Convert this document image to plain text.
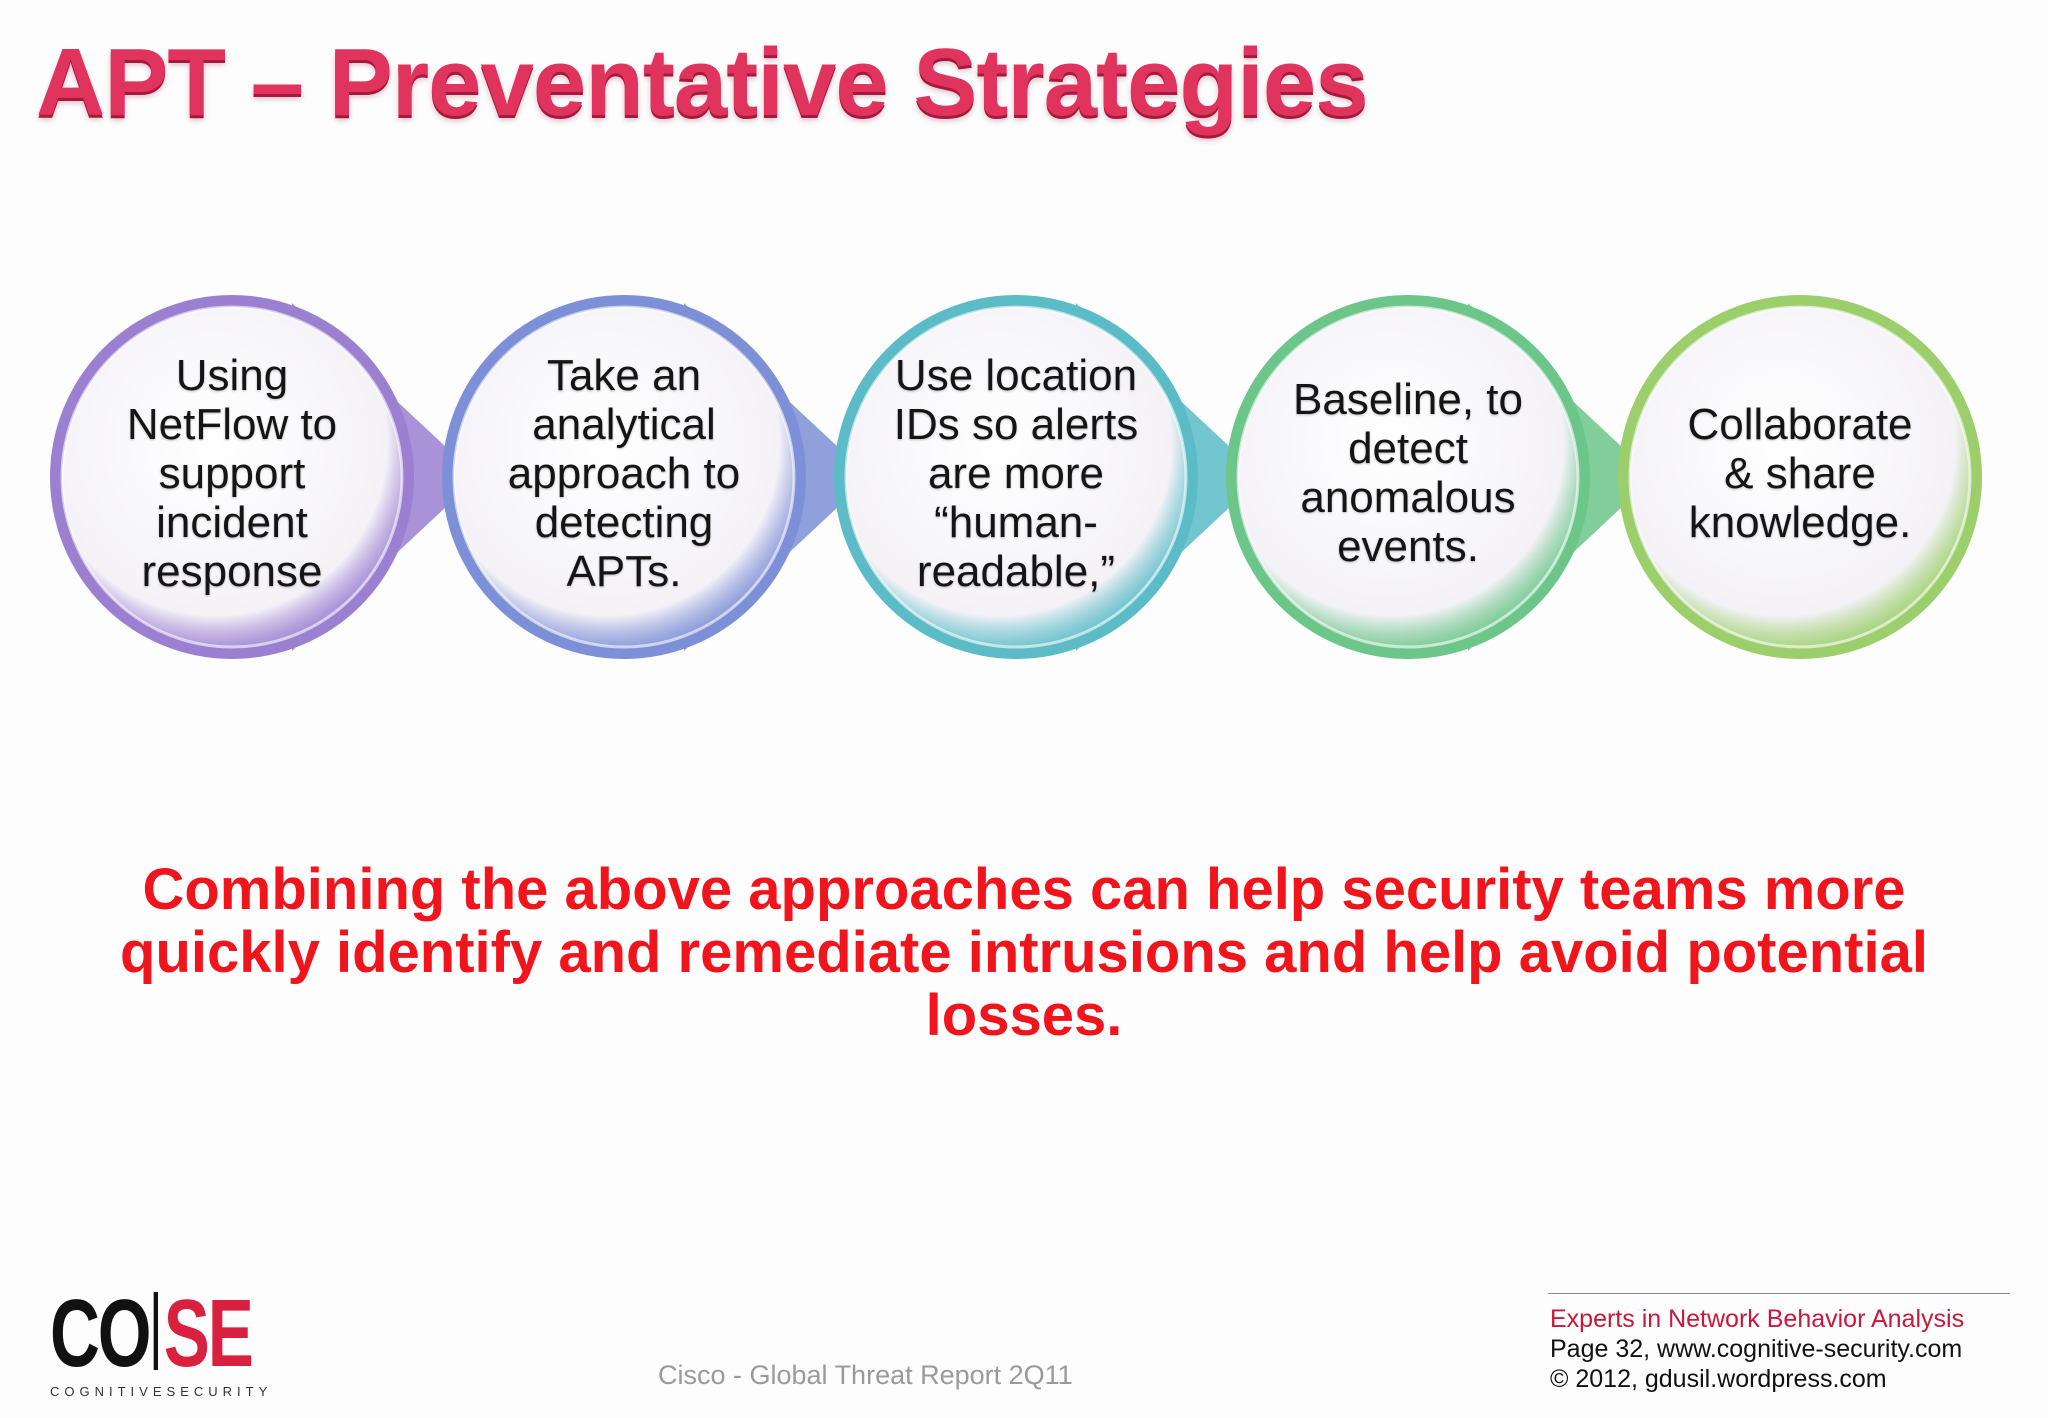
APT – Preventative Strategies
Using
NetFlow to
support
incident
response
Take an
analytical
approach to
detecting
APTs.
Use location
IDs so alerts
are more
“human-
readable,”
Baseline, to
detect
anomalous
events.
Collaborate
& share
knowledge.

Combining the above approaches can help security teams more quickly identify and remediate intrusions and help avoid potential losses.

CO SE
COGNITIVESECURITY
Cisco - Global Threat Report 2Q11
Experts in Network Behavior Analysis
Page 32, www.cognitive-security.com
© 2012, gdusil.wordpress.com
